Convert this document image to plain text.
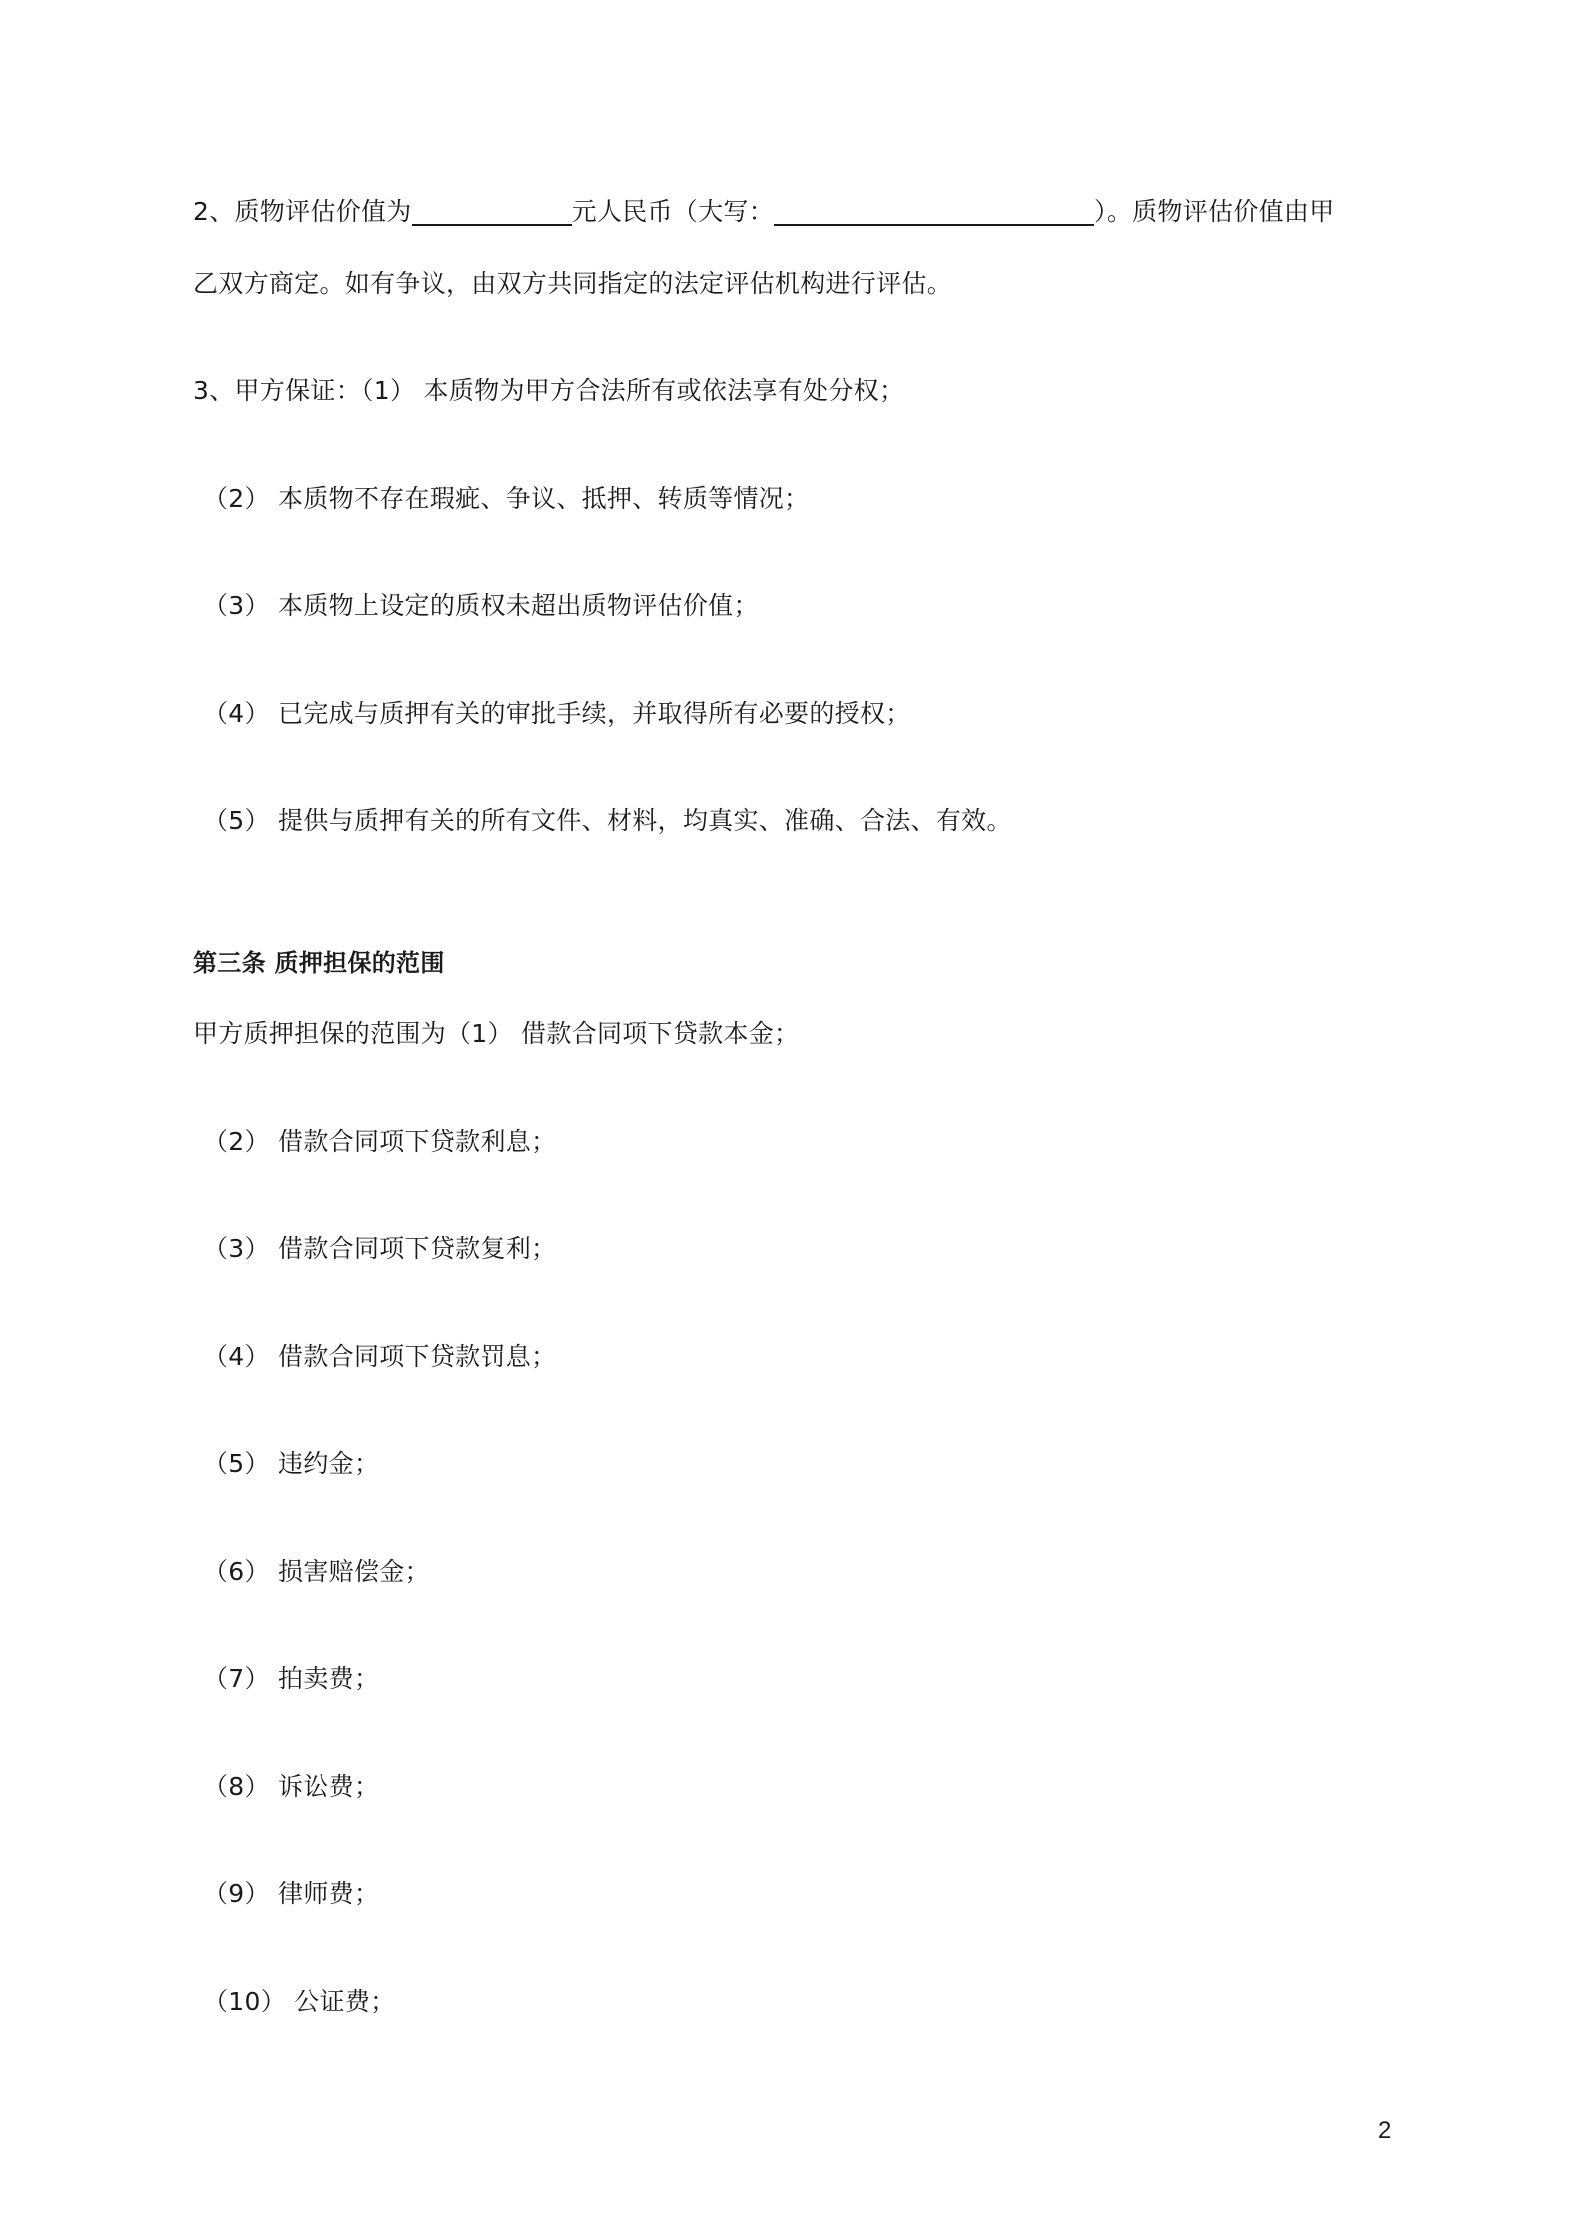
2、质物评估价值为	元人民币（大写：	）。质物评估价值由甲
乙双方商定。如有争议，由双方共同指定的法定评估机构进行评估。
3、甲方保证：（1） 本质物为甲方合法所有或依法享有处分权；
（2） 本质物不存在瑕疵、争议、抵押、转质等情况；
（3） 本质物上设定的质权未超出质物评估价值；
（4） 已完成与质押有关的审批手续，并取得所有必要的授权；
（5） 提供与质押有关的所有文件、材料，均真实、准确、合法、有效。
第三条 质押担保的范围
甲方质押担保的范围为（1） 借款合同项下贷款本金；
（2） 借款合同项下贷款利息；
（3） 借款合同项下贷款复利；
（4） 借款合同项下贷款罚息；
（5） 违约金；
（6） 损害赔偿金；
（7） 拍卖费；
（8） 诉讼费；
（9） 律师费；
（10） 公证费；
2
